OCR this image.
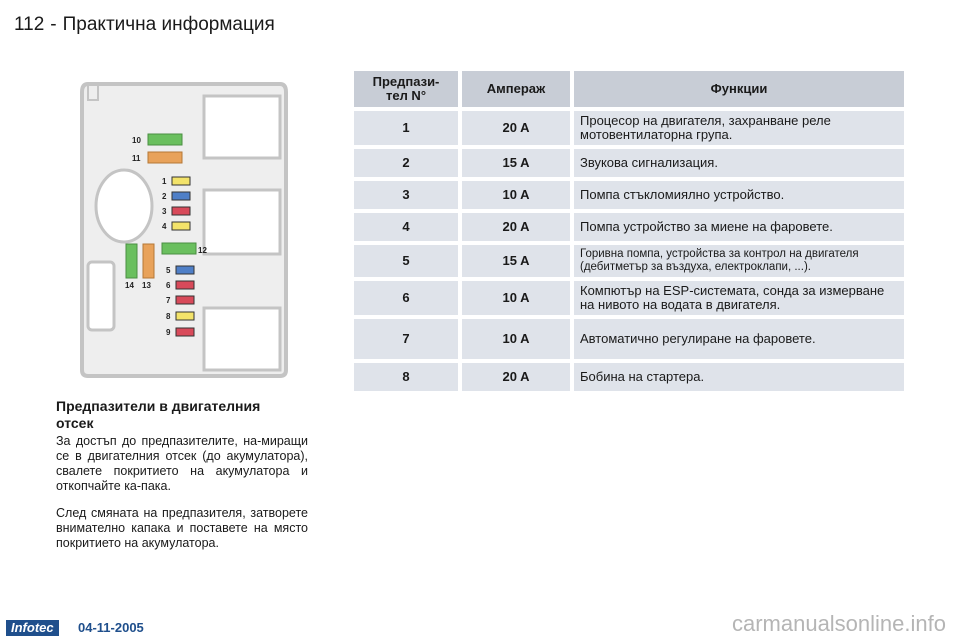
112 - Практична информация
10
11
1
2
3
4
12
5
6
7
8
9
14 13
Предпази-
тел N°	Ампераж	Функции
1	20 A	Процесор на двигателя, захранване реле мотовентилаторна група.
2	15 A	Звукова сигнализация.
3	10 A	Помпа стъкломиялно устройство.
4	20 A	Помпа устройство за миене на фаровете.
5	15 A	Горивна помпа, устройства за контрол на двигателя (дебитметър за въздуха, електроклапи, ...).
6	10 A	Компютър на ESP-системата, сонда за измерване на нивото на водата в двигателя.
7	10 A	Автоматично регулиране на фаровете.
8	20 A	Бобина на стартера.
Предпазители в двигателния отсек
За достъп до предпазителите, на-миращи се в двигателния отсек (до акумулатора), свалете покритието на акумулатора и откопчайте ка-пака.
След смяната на предпазителя, затворете внимателно капака и поставете на място покритието на акумулатора.
Infotec	04-11-2005	carmanualsonline.info
